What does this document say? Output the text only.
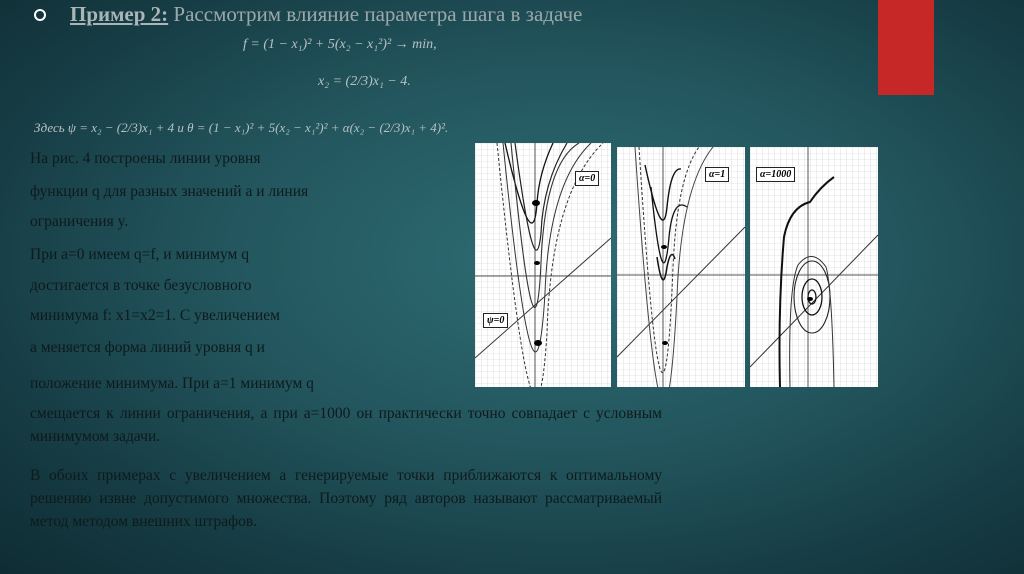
Пример 2: Рассмотрим влияние параметра шага в задаче
f = (1 − x₁)² + 5(x₂ − x₁²)² → min,
x₂ = (2/3)x₁ − 4.
Здесь ψ = x₂ − (2/3)x₁ + 4 и θ = (1 − x₁)² + 5(x₂ − x₁²)² + α(x₂ − (2/3)x₁ + 4)².
На рис. 4 построены линии уровня
функции q для разных значений a и линия
ограничения y.
При a=0 имеем q=f, и минимум q
достигается в точке безусловного
минимума f: x1=x2=1. С увеличением
a меняется форма линий уровня q и
положение минимума. При a=1 минимум q

смещается к линии ограничения, а при a=1000 он практически точно совпадает с условным минимумом задачи.

В обоих примерах с увеличением a генерируемые точки приближаются к оптимальному решению извне допустимого множества. Поэтому ряд авторов называют рассматриваемый метод методом внешних штрафов.

α=0
ψ=0
α=1	α=1000
